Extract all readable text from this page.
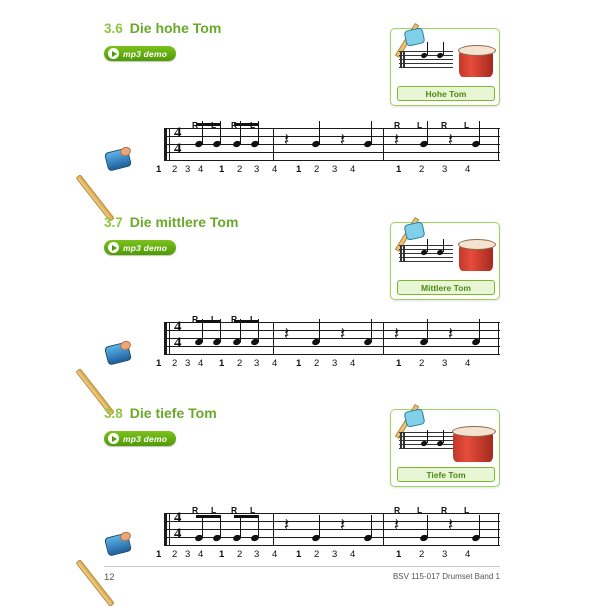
3.6 Die hohe Tom
mp3 demo
Hohe Tom
4
4	𝄽	𝄽	𝄽	𝄽
R L R L	R L R L
1 2 3 4 1 2 3 4 1 2 3 4	1 2 3 4
3.7 Die mittlere Tom
mp3 demo
Mittlere Tom
4
4	𝄽	𝄽	𝄽	𝄽
R L R L
1 2 3 4 1 2 3 4 1 2 3 4	1 2 3 4
3.8 Die tiefe Tom
mp3 demo
Tiefe Tom
4
4	𝄽	𝄽	𝄽	𝄽
R L R L	R L R L
1 2 3 4 1 2 3 4 1 2 3 4	1 2 3 4
12	BSV 115-017 Drumset Band 1
